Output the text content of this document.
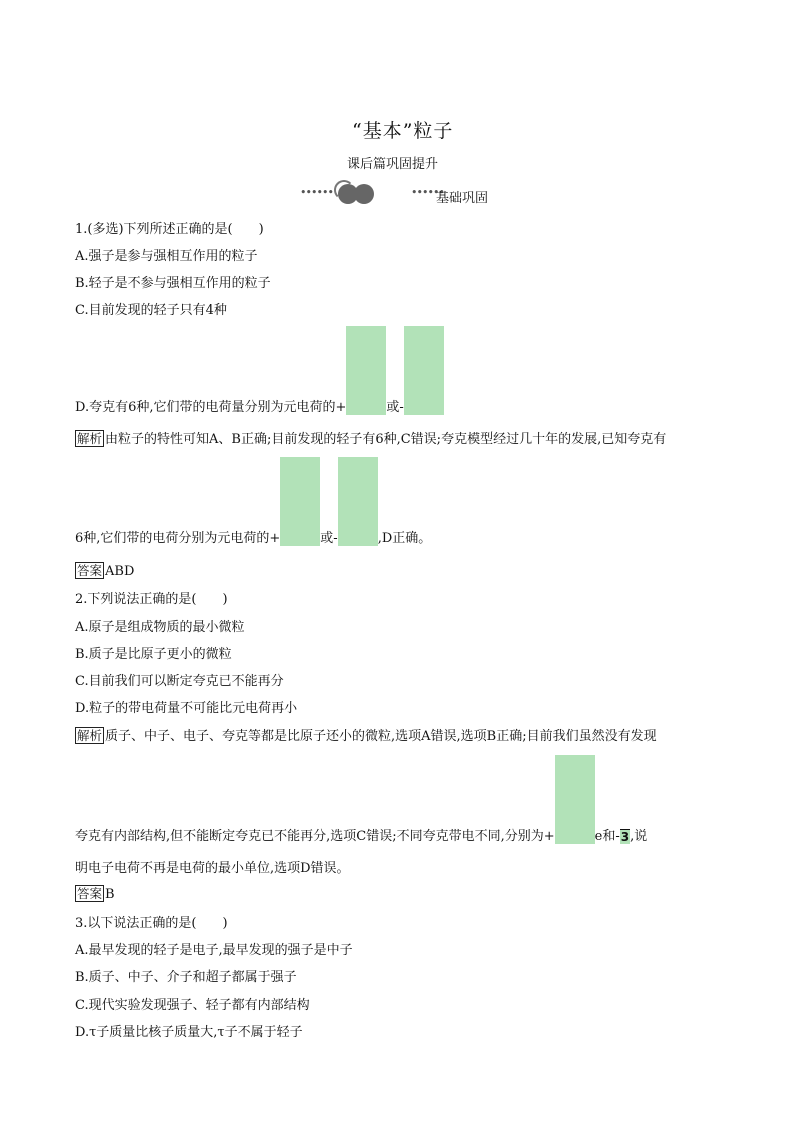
“基本”粒子
课后篇巩固提升
••••••	••••••
基础巩固
1.(多选)下列所述正确的是(　　)
A.强子是参与强相互作用的粒子
B.轻子是不参与强相互作用的粒子
C.目前发现的轻子只有4种
D.夸克有6种,它们带的电荷量分别为元电荷的+	或-
解析 由粒子的特性可知A、B正确;目前发现的轻子有6种,C错误;夸克模型经过几十年的发展,已知夸克有
6种,它们带的电荷分别为元电荷的+	或-	,D正确。
答案 ABD
2.下列说法正确的是(　　)
A.原子是组成物质的最小微粒
B.质子是比原子更小的微粒
C.目前我们可以断定夸克已不能再分
D.粒子的带电荷量不可能比元电荷再小
解析 质子、中子、电子、夸克等都是比原子还小的微粒,选项A错误,选项B正确;目前我们虽然没有发现
夸克有内部结构,但不能断定夸克已不能再分,选项C错误;不同夸克带电不同,分别为+	e和- 3 ,说
明电子电荷不再是电荷的最小单位,选项D错误。
答案 B
3.以下说法正确的是(　　)
A.最早发现的轻子是电子,最早发现的强子是中子
B.质子、中子、介子和超子都属于强子
C.现代实验发现强子、轻子都有内部结构
D.τ子质量比核子质量大,τ子不属于轻子
